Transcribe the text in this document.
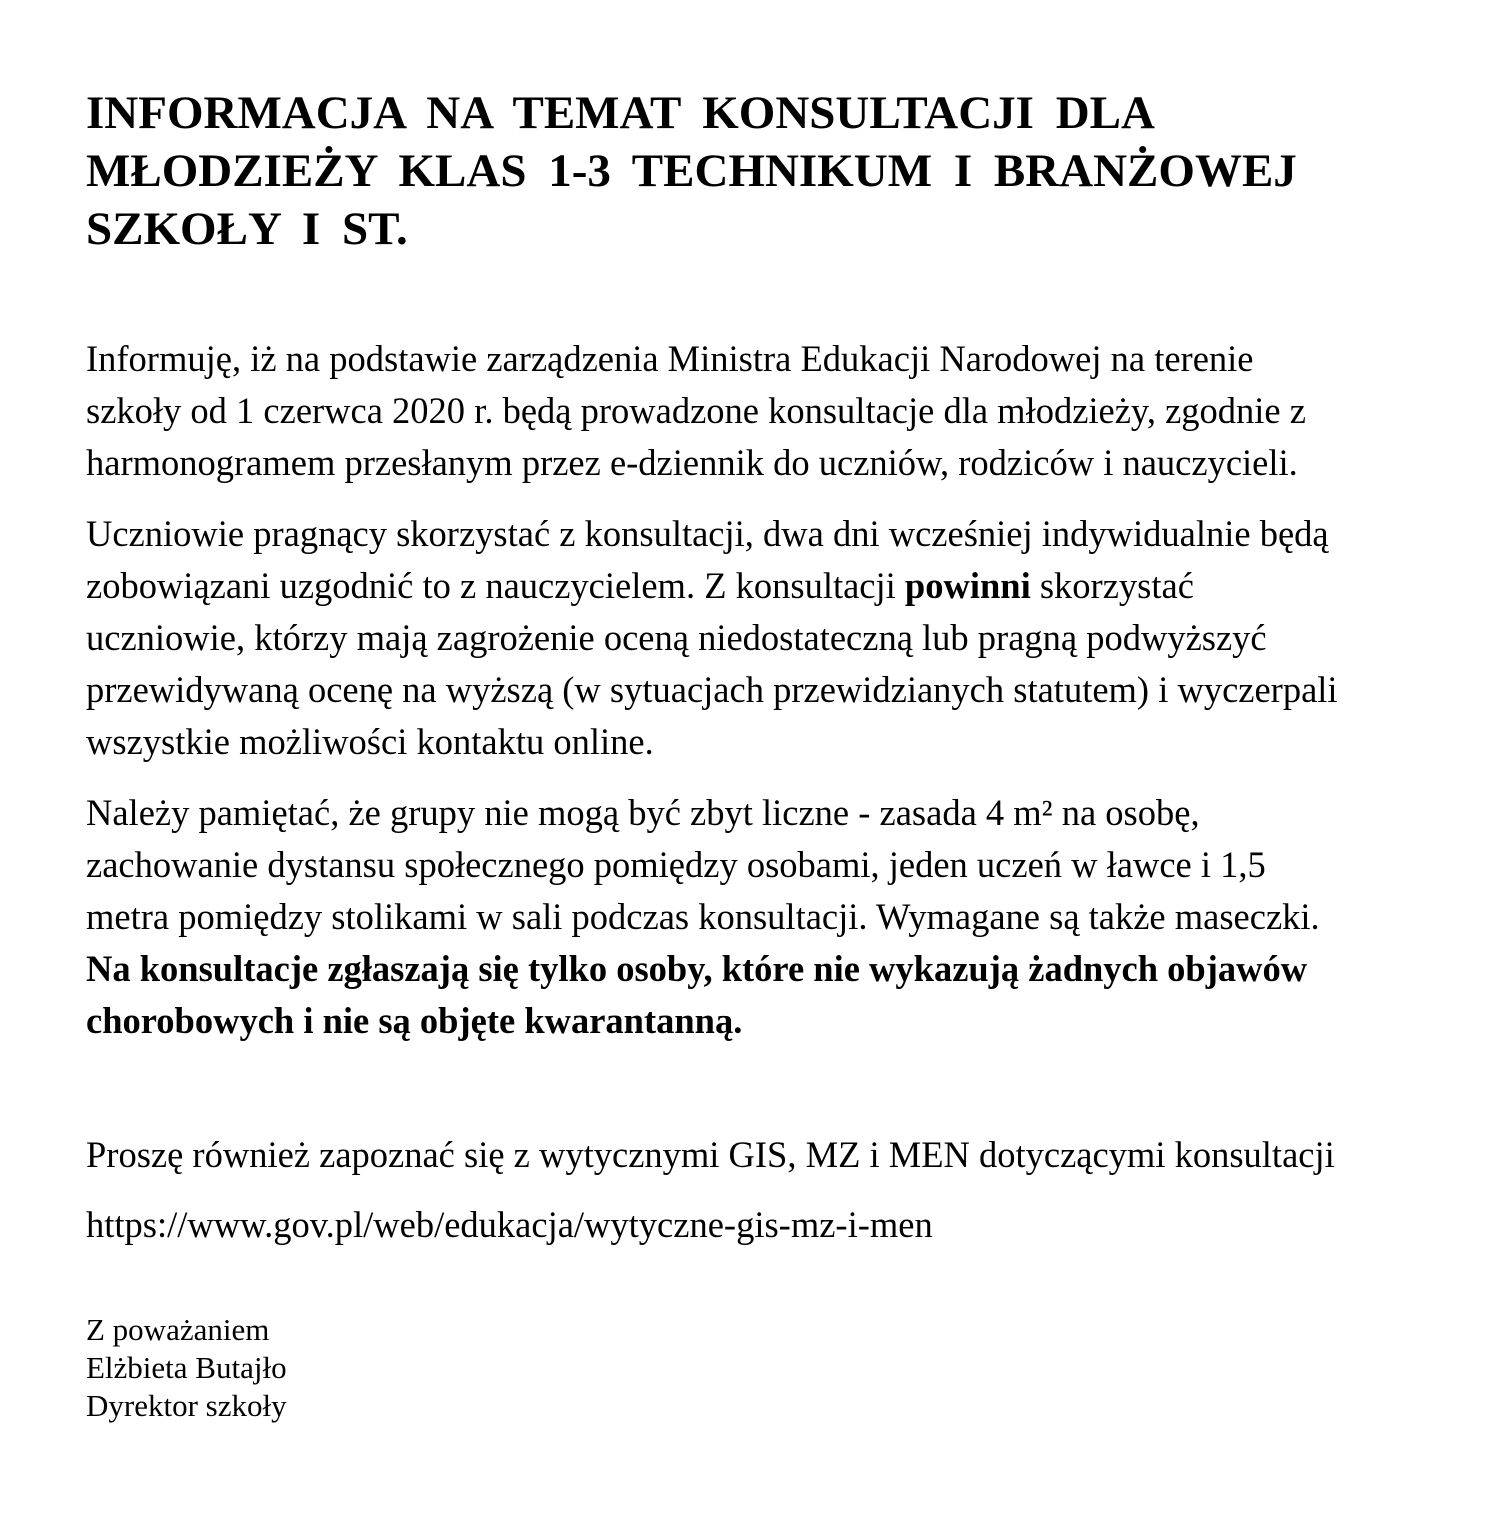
INFORMACJA NA TEMAT KONSULTACJI DLA
MŁODZIEŻY KLAS 1-3 TECHNIKUM I BRANŻOWEJ
SZKOŁY I ST.
Informuję, iż na podstawie zarządzenia Ministra Edukacji Narodowej na terenie
szkoły od 1 czerwca 2020 r. będą prowadzone konsultacje dla młodzieży, zgodnie z
harmonogramem przesłanym przez e-dziennik do uczniów, rodziców i nauczycieli.
Uczniowie pragnący skorzystać z konsultacji, dwa dni wcześniej indywidualnie będą
zobowiązani uzgodnić to z nauczycielem. Z konsultacji powinni skorzystać
uczniowie, którzy mają zagrożenie oceną niedostateczną lub pragną podwyższyć
przewidywaną ocenę na wyższą (w sytuacjach przewidzianych statutem) i wyczerpali
wszystkie możliwości kontaktu online.
Należy pamiętać, że grupy nie mogą być zbyt liczne - zasada 4 m² na osobę,
zachowanie dystansu społecznego pomiędzy osobami, jeden uczeń w ławce i 1,5
metra pomiędzy stolikami w sali podczas konsultacji. Wymagane są także maseczki.
Na konsultacje zgłaszają się tylko osoby, które nie wykazują żadnych objawów
chorobowych i nie są objęte kwarantanną.
Proszę również zapoznać się z wytycznymi GIS, MZ i MEN dotyczącymi konsultacji
https://www.gov.pl/web/edukacja/wytyczne-gis-mz-i-men
Z poważaniem
Elżbieta Butajło
Dyrektor szkoły
